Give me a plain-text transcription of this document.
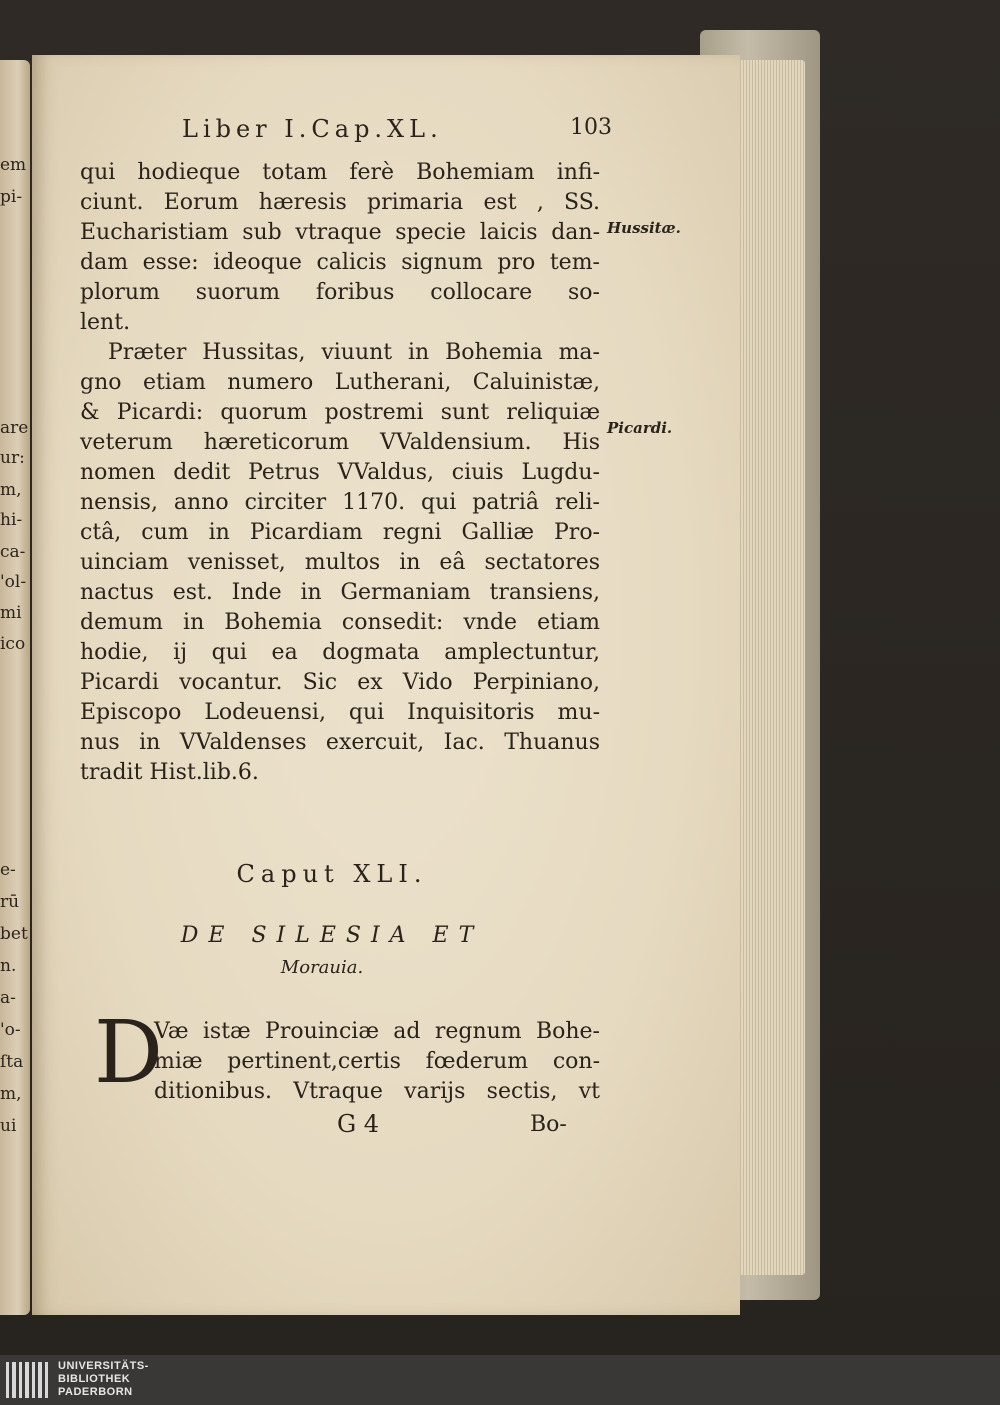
em
pi-
are
ur:
m,
hi-
ca-
'ol-
mi
ico
e-
rū
bet
n.
a-
'o-
ſta
m,
ui
Liber I.Cap.XL.	103
qui hodieque totam ferè Bohemiam infi-
ciunt. Eorum hæresis primaria est , SS.
Eucharistiam sub vtraque specie laicis dan-
dam esse: ideoque calicis signum pro tem-
plorum suorum foribus collocare so-
lent.
Præter Hussitas, viuunt in Bohemia ma-
gno etiam numero Lutherani, Caluinistæ,
& Picardi: quorum postremi sunt reliquiæ
veterum hæreticorum VValdensium. His
nomen dedit Petrus VValdus, ciuis Lugdu-
nensis, anno circiter 1170. qui patriâ reli-
ctâ, cum in Picardiam regni Galliæ Pro-
uinciam venisset, multos in eâ sectatores
nactus est. Inde in Germaniam transiens,
demum in Bohemia consedit: vnde etiam
hodie, ij qui ea dogmata amplectuntur,
Picardi vocantur. Sic ex Vido Perpiniano,
Episcopo Lodeuensi, qui Inquisitoris mu-
nus in VValdenses exercuit, Iac. Thuanus
tradit Hist.lib.6.
Hussitæ.
Picardi.
Caput XLI.
DE SILESIA ET
Morauia.
D
Væ istæ Prouinciæ ad regnum Bohe-
miæ pertinent,certis fœderum con-
ditionibus. Vtraque varijs sectis, vt
G 4	Bo-
UNIVERSITÄTS-
BIBLIOTHEK
PADERBORN
